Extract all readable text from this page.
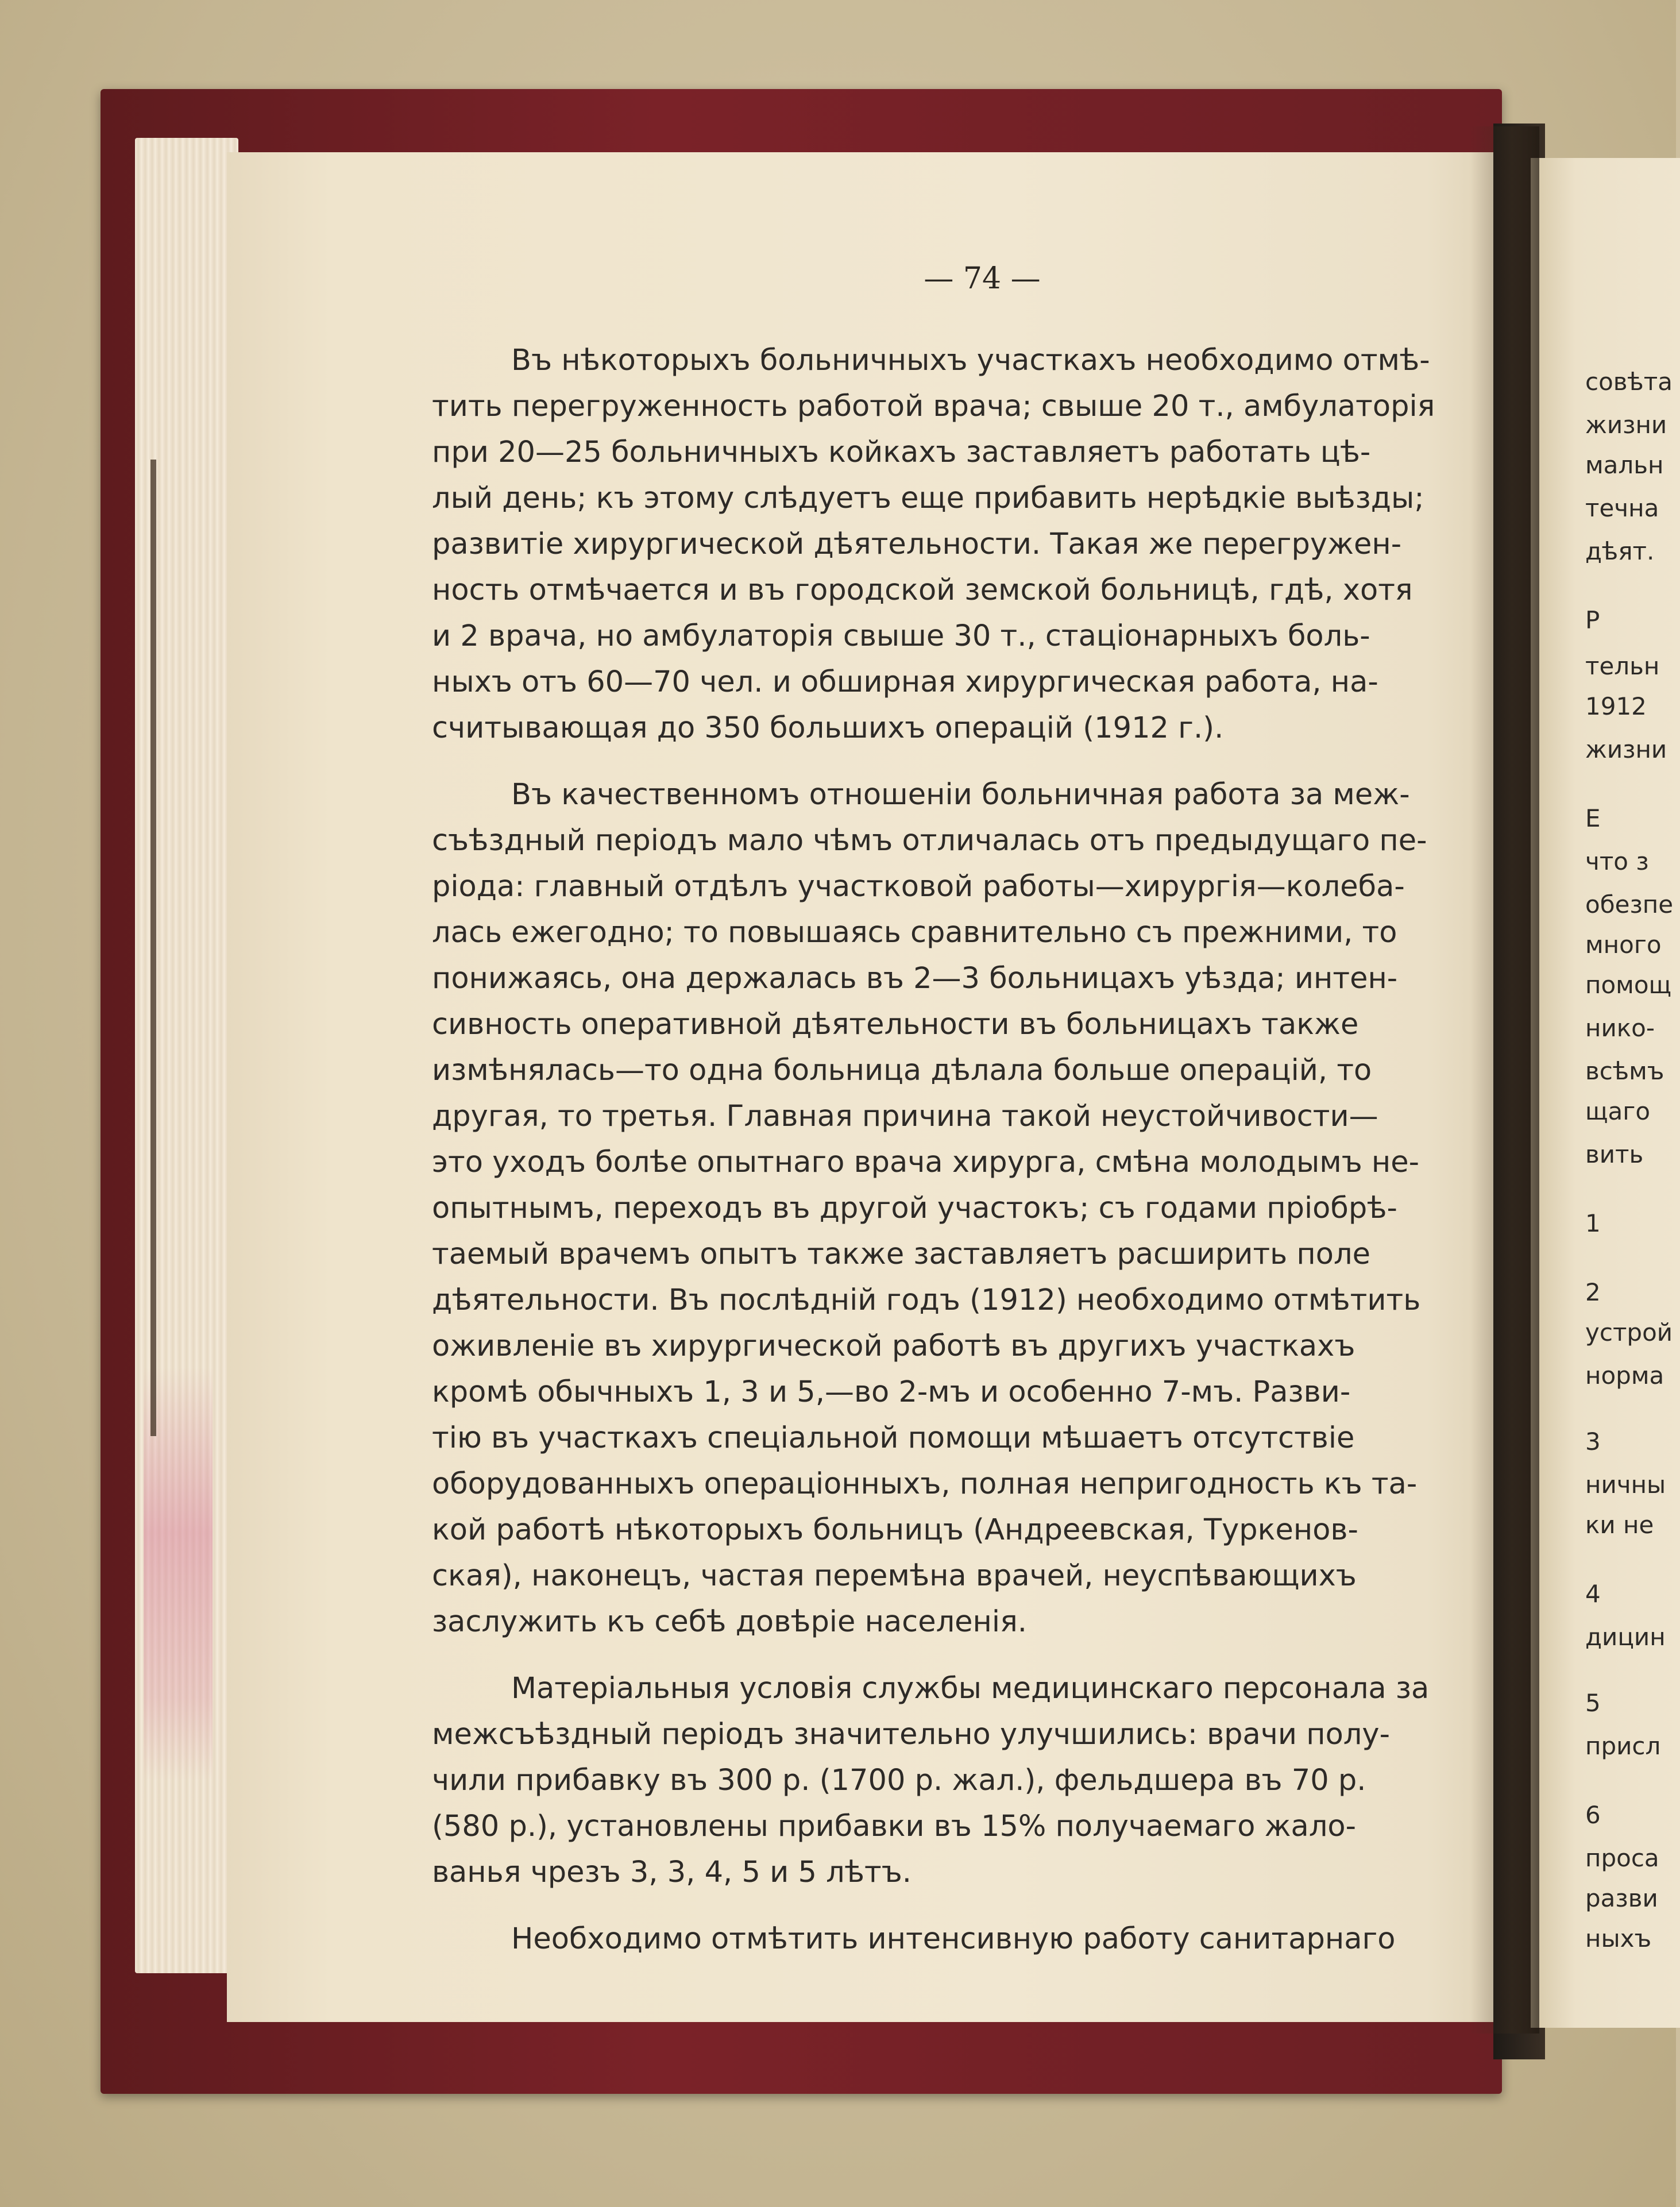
— 74 —

Въ нѣкоторыхъ больничныхъ участкахъ необходимо отмѣ-
тить перегруженность работой врача; свыше 20 т., амбулаторія
при 20—25 больничныхъ койкахъ заставляетъ работать цѣ-
лый день; къ этому слѣдуетъ еще прибавить нерѣдкіе выѣзды;
развитіе хирургической дѣятельности. Такая же перегружен-
ность отмѣчается и въ городской земской больницѣ, гдѣ, хотя
и 2 врача, но амбулаторія свыше 30 т., стаціонарныхъ боль-
ныхъ отъ 60—70 чел. и обширная хирургическая работа, на-
считывающая до 350 большихъ операцій (1912 г.).

Въ качественномъ отношеніи больничная работа за меж-
съѣздный періодъ мало чѣмъ отличалась отъ предыдущаго пе-
ріода: главный отдѣлъ участковой работы—хирургія—колеба-
лась ежегодно; то повышаясь сравнительно съ прежними, то
понижаясь, она держалась въ 2—3 больницахъ уѣзда; интен-
сивность оперативной дѣятельности въ больницахъ также
измѣнялась—то одна больница дѣлала больше операцій, то
другая, то третья. Главная причина такой неустойчивости—
это уходъ болѣе опытнаго врача хирурга, смѣна молодымъ не-
опытнымъ, переходъ въ другой участокъ; съ годами пріобрѣ-
таемый врачемъ опытъ также заставляетъ расширить поле
дѣятельности. Въ послѣдній годъ (1912) необходимо отмѣтить
оживленіе въ хирургической работѣ въ другихъ участкахъ
кромѣ обычныхъ 1, 3 и 5,—во 2-мъ и особенно 7-мъ. Разви-
тію въ участкахъ спеціальной помощи мѣшаетъ отсутствіе
оборудованныхъ операціонныхъ, полная непригодность къ та-
кой работѣ нѣкоторыхъ больницъ (Андреевская, Туркенов-
ская), наконецъ, частая перемѣна врачей, неуспѣвающихъ
заслужить къ себѣ довѣріе населенія.

Матеріальныя условія службы медицинскаго персонала за
межсъѣздный періодъ значительно улучшились: врачи полу-
чили прибавку въ 300 р. (1700 р. жал.), фельдшера въ 70 р.
(580 р.), установлены прибавки въ 15% получаемаго жало-
ванья чрезъ 3, 3, 4, 5 и 5 лѣтъ.

Необходимо отмѣтить интенсивную работу санитарнаго

совѣта
жизни
мальн
течна
дѣят.
Р
тельн
1912
жизни
Е
что з
обезпе
много
помощ
нико-
всѣмъ
щаго
вить
1
2
устрой
норма
3
ничны
ки не
4
дицин
5
присл
6
проса
разви
ныхъ
